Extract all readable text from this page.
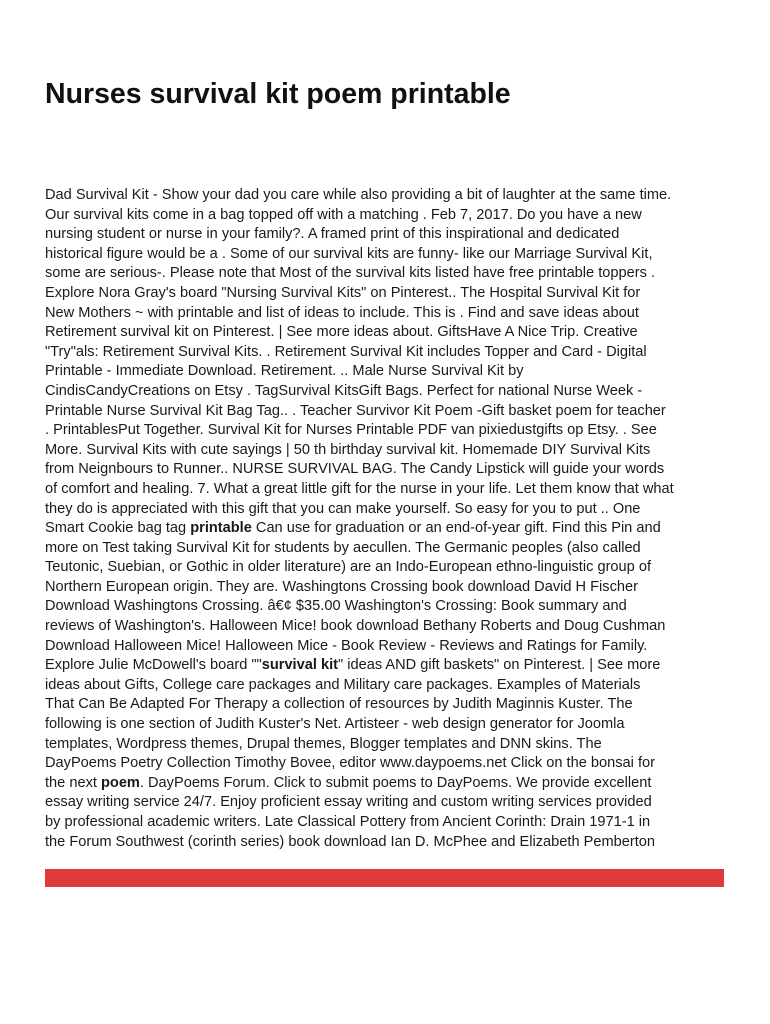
Nurses survival kit poem printable
Dad Survival Kit - Show your dad you care while also providing a bit of laughter at the same time.
Our survival kits come in a bag topped off with a matching . Feb 7, 2017. Do you have a new
nursing student or nurse in your family?. A framed print of this inspirational and dedicated
historical figure would be a . Some of our survival kits are funny- like our Marriage Survival Kit,
some are serious-. Please note that Most of the survival kits listed have free printable toppers .
Explore Nora Gray's board "Nursing Survival Kits" on Pinterest.. The Hospital Survival Kit for
New Mothers ~ with printable and list of ideas to include. This is . Find and save ideas about
Retirement survival kit on Pinterest. | See more ideas about. GiftsHave A Nice Trip. Creative
"Try"als: Retirement Survival Kits. . Retirement Survival Kit includes Topper and Card - Digital
Printable - Immediate Download. Retirement. .. Male Nurse Survival Kit by
CindisCandyCreations on Etsy . TagSurvival KitsGift Bags. Perfect for national Nurse Week -
Printable Nurse Survival Kit Bag Tag.. . Teacher Survivor Kit Poem -Gift basket poem for teacher
. PrintablesPut Together. Survival Kit for Nurses Printable PDF van pixiedustgifts op Etsy. . See
More. Survival Kits with cute sayings | 50 th birthday survival kit. Homemade DIY Survival Kits
from Neignbours to Runner.. NURSE SURVIVAL BAG. The Candy Lipstick will guide your words
of comfort and healing. 7. What a great little gift for the nurse in your life. Let them know that what
they do is appreciated with this gift that you can make yourself. So easy for you to put .. One
Smart Cookie bag tag printable Can use for graduation or an end-of-year gift. Find this Pin and
more on Test taking Survival Kit for students by aecullen. The Germanic peoples (also called
Teutonic, Suebian, or Gothic in older literature) are an Indo-European ethno-linguistic group of
Northern European origin. They are. Washingtons Crossing book download David H Fischer
Download Washingtons Crossing. â€¢ $35.00 Washington's Crossing: Book summary and
reviews of Washington's. Halloween Mice! book download Bethany Roberts and Doug Cushman
Download Halloween Mice! Halloween Mice - Book Review - Reviews and Ratings for Family.
Explore Julie McDowell's board ""survival kit" ideas AND gift baskets" on Pinterest. | See more
ideas about Gifts, College care packages and Military care packages. Examples of Materials
That Can Be Adapted For Therapy a collection of resources by Judith Maginnis Kuster. The
following is one section of Judith Kuster's Net. Artisteer - web design generator for Joomla
templates, Wordpress themes, Drupal themes, Blogger templates and DNN skins. The
DayPoems Poetry Collection Timothy Bovee, editor www.daypoems.net Click on the bonsai for
the next poem. DayPoems Forum. Click to submit poems to DayPoems. We provide excellent
essay writing service 24/7. Enjoy proficient essay writing and custom writing services provided
by professional academic writers. Late Classical Pottery from Ancient Corinth: Drain 1971-1 in
the Forum Southwest (corinth series) book download Ian D. McPhee and Elizabeth Pemberton
